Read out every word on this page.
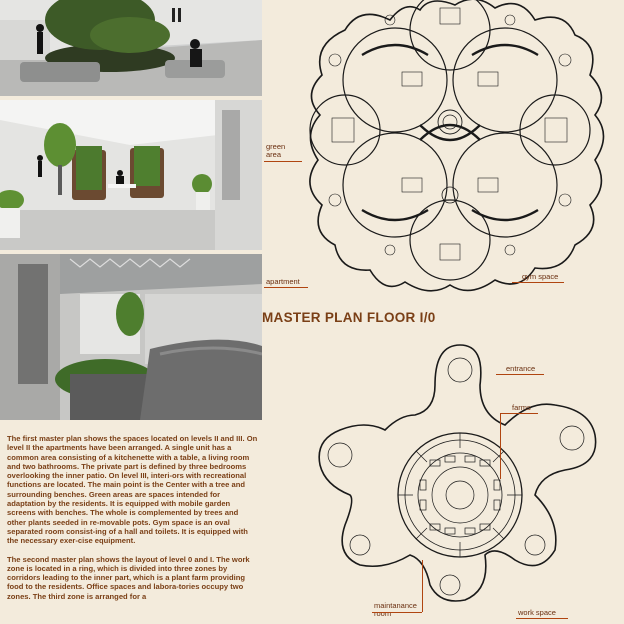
The first master plan shows the spaces located on levels II and III. On level II the apartments have been arranged. A single unit has a common area consisting of a kitchenette with a table, a living room and two bathrooms. The private part is defined by three bedrooms overlooking the inner patio. On level III, interi-ors with recreational functions are located. The main point is the Center with a tree and surrounding benches. Green areas are spaces intended for adaptation by the residents. It is equipped with mobile garden screens with benches. The whole is complemented by trees and other plants seeded in re-movable pots. Gym space is an oval separated room consist-ing of a hall and toilets. It is equipped with the necessary exer-cise equipment.

The second master plan shows the layout of level 0 and I. The work zone is located in a ring, which is divided into three zones by corridors leading to the inner part, which is a plant farm providing food to the residents. Office spaces and labora-tories occupy two zones. The third zone is arranged for a

green
area
apartment
gym space
MASTER PLAN FLOOR I/0
entrance
farms
maintanance
room	work space
